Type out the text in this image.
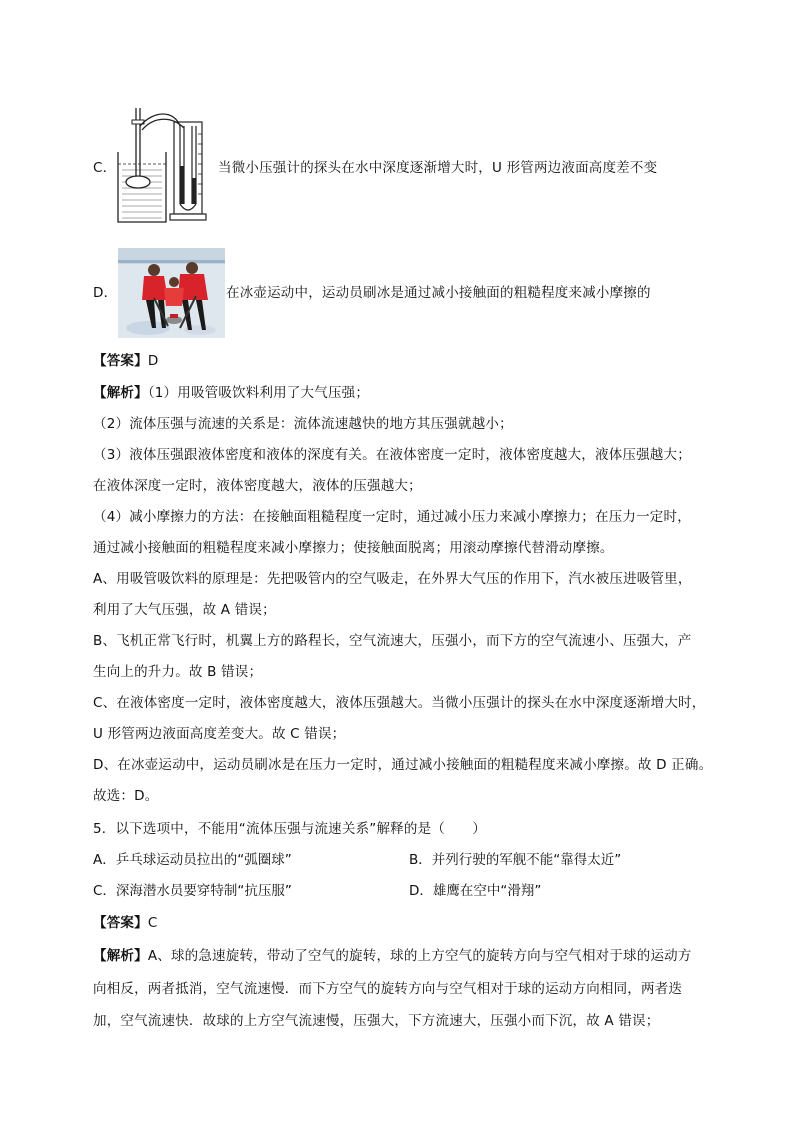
C．	当微小压强计的探头在水中深度逐渐增大时，U 形管两边液面高度差不变
D．	在冰壶运动中，运动员刷冰是通过减小接触面的粗糙程度来减小摩擦的
【答案】D
【解析】（1）用吸管吸饮料利用了大气压强；
（2）流体压强与流速的关系是：流体流速越快的地方其压强就越小；
（3）液体压强跟液体密度和液体的深度有关。在液体密度一定时，液体密度越大，液体压强越大；
在液体深度一定时，液体密度越大，液体的压强越大；
（4）减小摩擦力的方法：在接触面粗糙程度一定时，通过减小压力来减小摩擦力；在压力一定时，
通过减小接触面的粗糙程度来减小摩擦力；使接触面脱离；用滚动摩擦代替滑动摩擦。
A、用吸管吸饮料的原理是：先把吸管内的空气吸走，在外界大气压的作用下，汽水被压进吸管里，
利用了大气压强，故 A 错误；
B、飞机正常飞行时，机翼上方的路程长，空气流速大，压强小，而下方的空气流速小、压强大，产
生向上的升力。故 B 错误；
C、在液体密度一定时，液体密度越大，液体压强越大。当微小压强计的探头在水中深度逐渐增大时，
U 形管两边液面高度差变大。故 C 错误；
D、在冰壶运动中，运动员刷冰是在压力一定时，通过减小接触面的粗糙程度来减小摩擦。故 D 正确。
故选：D。
5．以下选项中，不能用“流体压强与流速关系”解释的是（　　）
A．乒乓球运动员拉出的“弧圈球”	B．并列行驶的军舰不能“靠得太近”
C．深海潜水员要穿特制“抗压服”	D．雄鹰在空中“滑翔”
【答案】C
【解析】A、球的急速旋转，带动了空气的旋转，球的上方空气的旋转方向与空气相对于球的运动方
向相反，两者抵消，空气流速慢．而下方空气的旋转方向与空气相对于球的运动方向相同，两者迭
加，空气流速快．故球的上方空气流速慢，压强大，下方流速大，压强小而下沉，故 A 错误；
